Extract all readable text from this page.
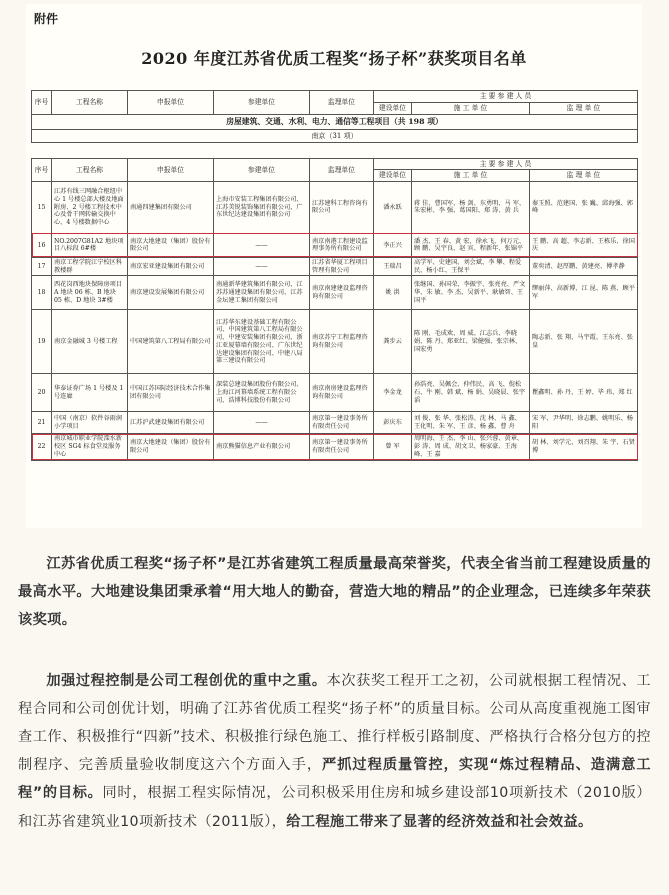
附件
2020 年度江苏省优质工程奖“扬子杯”获奖项目名单
序号	工程名称	申报单位	参建单位	监理单位	主 要 参 建 人 员		
					建设单位	施 工 单 位	监 理 单 位
房屋建筑、交通、水利、电力、通信等工程项目（共 198 项）							
南京（31 项）							
序号	工程名称	申报单位	参建单位	监理单位	主 要 参 建 人 员		
					建设单位	施 工 单 位	监 理 单 位
15	江苏有线三网融合枢纽中心 1 号楼总部大楼及地面附房、2 号楼工程技术中心及骨干网转输交换中心、4 号楼数据中心	南通四建集团有限公司	上海市安装工程集团有限公司、江苏美锐装饰集团有限公司、广东世纪达建设集团有限公司	江苏建科工程咨询有限公司	潘永跃	蒋 佳、曹国军、杨 剑、东勇明、马 军、朱宏彬、李 强、葛国阳、郑 涛、黄 兵	秦玉照、范建国、张 巍、邱海强、郭 峰
16	NO.2007G81A2 地块项目八标段 6#楼	南京大地建设（集团）股份有限公司	——	南京南港工程建设监理事务所有限公司	李正兴	潘 杰、王 春、黄 宏、徐永飞、何万元、顾 鹏、吴宇良、赵 宾、程新年、张锦平	王 鹏、高 超、李志新、王栋乐、徐国庆
17	南京工程学院江宁校区科教楼群	南京宏亚建设集团有限公司	——	江苏省华厦工程项目管理有限公司	王瑞昌	高学军、史建国、刘会斌、李 攀、程爱民、杨小红、王保平	董奕清、赵厚鹏、黄建亮、傅孝静
18	西花岗西地块保障房项目 A 地块 06 栋、B 地块 05 栋、D 地块 3#楼	南京建设发展集团有限公司	南通新华建筑集团有限公司、江苏苏通建设集团有限公司、江苏金坛建工集团有限公司	南京南建建设监理咨询有限公司	姚 洪	张继国、孙国荣、李振宇、张亮亮、严文华、朱 敏、李 杰、吴新平、耿敏智、王国平	缪丽萍、高新博、江 昆、陈 燕、顾平军
19	南京金融城 3 号楼工程	中国建筑第八工程局有限公司	江苏华东建设基础工程有限公司、中国建筑第八工程局有限公司、中建安装集团有限公司、浙江亚厦幕墙有限公司、广东世纪达建设集团有限公司、中建八局第三建设有限公司	南京苏宁工程监理咨询有限公司	龚步云	陈 刚、毛成欢、周 威、江志兵、李晓娟、陈 丹、郑亚红、梁健强、张宗林、国宏勇	陶志新、张 翔、马宇霞、王东亮、张 皇
20	华泰证券广场 1 号楼及 1 号连廊	中国江苏国际经济技术合作集团有限公司	深装总建设集团股份有限公司、上海江河幕墙系统工程有限公司、浩博科技股份有限公司	南京南房建设监理咨询有限公司	李金龙	孙浩亮、吴佩会、仲伟民、高 飞、倪松石、牛 刚、韩 斌、杨 娟、吴晓晨、张宇滔	瞿鑫明、孙 丹、王 婷、毕 玮、郑 红
21	中国（南京）软件谷雨润小学项目	江苏沪武建设集团有限公司	——	南京第一建设事务所有限责任公司	彭庆东	刘 俊、张 华、张松涛、沈 林、马 鑫、王化明、朱 军、王 彦、杨 鑫、曹 舟	宋 军、尹华明、徐志鹏、姚明乐、杨 阳
22	南京城市职业学院溧水新校区 SG4 标食堂及服务中心	南京大地建设（集团）股份有限公司	南京熊猫信息产业有限公司	南京第一建设事务所有限责任公司	曾 军	周明海、王 杰、李 山、张兴蓉、黄章、彭 涛、周 成、胡文卫、杨家豪、王海峰、王 嘉	胡 林、刘学元、刘召翔、朱 宇、石贤博

江苏省优质工程奖“扬子杯”是江苏省建筑工程质量最高荣誉奖，代表全省当前工程建设质量的最高水平。大地建设集团秉承着“用大地人的勤奋，营造大地的精品”的企业理念，已连续多年荣获该奖项。

加强过程控制是公司工程创优的重中之重。本次获奖工程开工之初，公司就根据工程情况、工程合同和公司创优计划，明确了江苏省优质工程奖“扬子杯”的质量目标。公司从高度重视施工图审查工作、积极推行“四新”技术、积极推行绿色施工、推行样板引路制度、严格执行合格分包方的控制程序、完善质量验收制度这六个方面入手，严抓过程质量管控，实现“炼过程精品、造满意工程”的目标。同时，根据工程实际情况，公司积极采用住房和城乡建设部10项新技术（2010版）和江苏省建筑业10项新技术（2011版），给工程施工带来了显著的经济效益和社会效益。
